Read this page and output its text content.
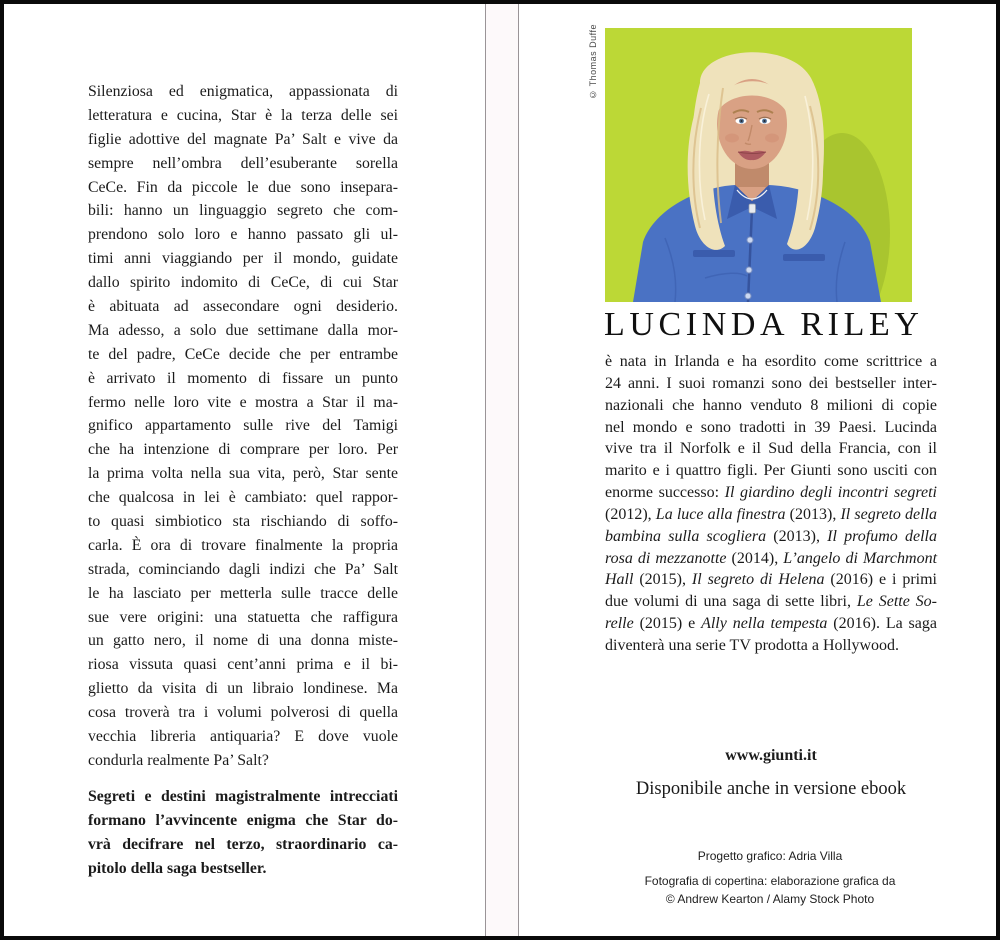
Silenziosa ed enigmatica, appassionata di
letteratura e cucina, Star è la terza delle sei
figlie adottive del magnate Pa’ Salt e vive da
sempre nell’ombra dell’esuberante sorella
CeCe. Fin da piccole le due sono insepara-
bili: hanno un linguaggio segreto che com-
prendono solo loro e hanno passato gli ul-
timi anni viaggiando per il mondo, guidate
dallo spirito indomito di CeCe, di cui Star
è abituata ad assecondare ogni desiderio.
Ma adesso, a solo due settimane dalla mor-
te del padre, CeCe decide che per entrambe
è arrivato il momento di fissare un punto
fermo nelle loro vite e mostra a Star il ma-
gnifico appartamento sulle rive del Tamigi
che ha intenzione di comprare per loro. Per
la prima volta nella sua vita, però, Star sente
che qualcosa in lei è cambiato: quel rappor-
to quasi simbiotico sta rischiando di soffo-
carla. È ora di trovare finalmente la propria
strada, cominciando dagli indizi che Pa’ Salt
le ha lasciato per metterla sulle tracce delle
sue vere origini: una statuetta che raffigura
un gatto nero, il nome di una donna miste-
riosa vissuta quasi cent’anni prima e il bi-
glietto da visita di un libraio londinese. Ma
cosa troverà tra i volumi polverosi di quella
vecchia libreria antiquaria? E dove vuole
condurla realmente Pa’ Salt?
Segreti e destini magistralmente intrecciati
formano l’avvincente enigma che Star do-
vrà decifrare nel terzo, straordinario ca-
pitolo della saga bestseller.
© Thomas Duffe
LUCINDA RILEY
è nata in Irlanda e ha esordito come scrittrice a
24 anni. I suoi romanzi sono dei bestseller inter-
nazionali che hanno venduto 8 milioni di copie
nel mondo e sono tradotti in 39 Paesi. Lucinda
vive tra il Norfolk e il Sud della Francia, con il
marito e i quattro figli. Per Giunti sono usciti con
enorme successo: Il giardino degli incontri segreti
(2012), La luce alla finestra (2013), Il segreto della
bambina sulla scogliera (2013), Il profumo della
rosa di mezzanotte (2014), L’angelo di Marchmont
Hall (2015), Il segreto di Helena (2016) e i primi
due volumi di una saga di sette libri, Le Sette So-
relle (2015) e Ally nella tempesta (2016). La saga
diventerà una serie TV prodotta a Hollywood.
www.giunti.it
Disponibile anche in versione ebook
Progetto grafico: Adria Villa
Fotografia di copertina: elaborazione grafica da
© Andrew Kearton / Alamy Stock Photo
